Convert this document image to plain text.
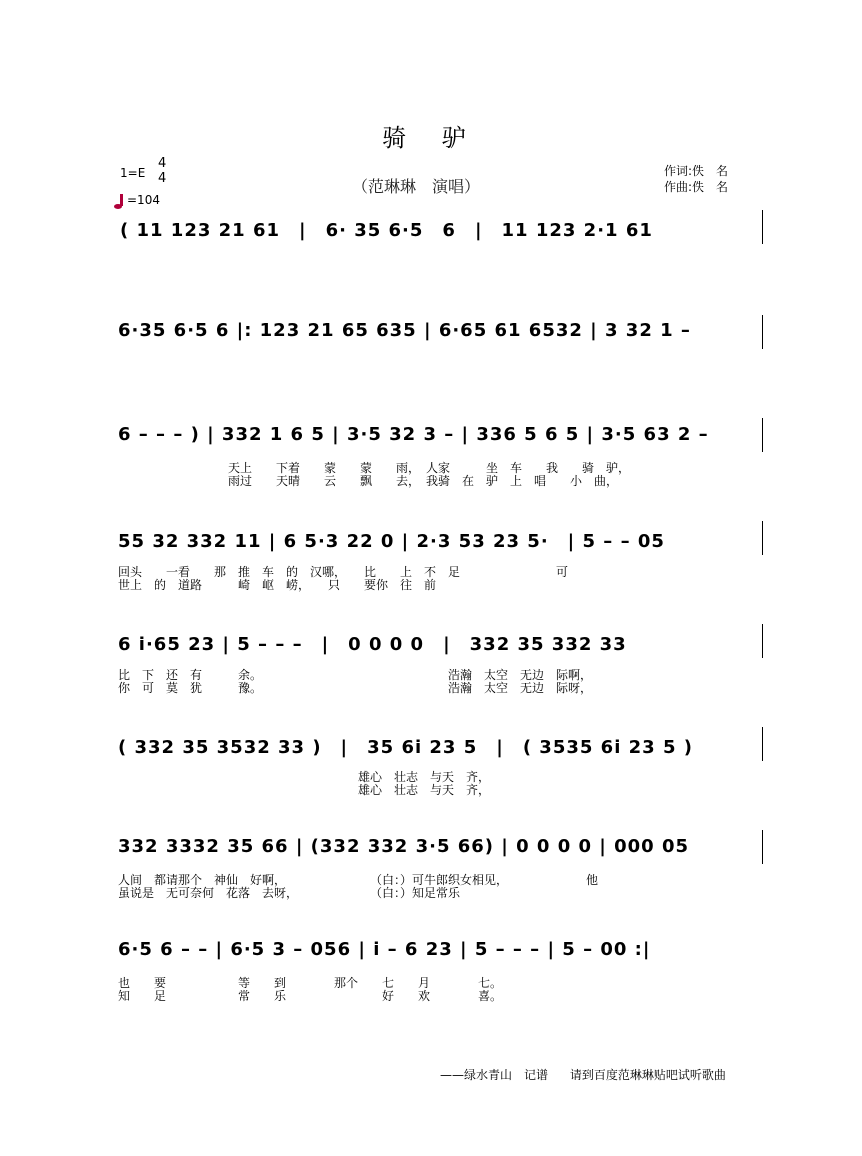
骑 驴
（范琳琳　演唱）
作词:佚　名
作曲:佚　名
1=E
4
4
=104
( 11 123 21 61　|　6· 35 6·5　6　|　11 123 2·1 61　
6·35 6·5 6 |: 123 21 65 635 | 6·65 61 6532 | 3 32 1 –
6 – – – ) | 332 1 6 5 | 3·5 32 3 – | 336 5 6 5 | 3·5 63 2 –
天上　　下着　　蒙　　蒙　　雨，　人家　　　坐　车　　我　　骑　驴，
雨过　　天晴　　云　　飘　　去，　我骑　在　驴　上　唱　　小　曲，
55 32 332 11 | 6 5·3 22 0 | 2·3 53 23 5·　| 5 – – 05
回头　　一看　　那　推　车　的　汉哪，　　比　　上　不　足　　　　　　　　可
世上　的　道路　　　崎　岖　崂，　　只　　要你　往　前
6 i·65 23 | 5 – – –　|　0 0 0 0　|　332 35 332 33
比　下　还　有　　　余。　　　　　　　　　　　　　　　　浩瀚　太空　无边　际啊，
你　可　莫　犹　　　豫。　　　　　　　　　　　　　　　　浩瀚　太空　无边　际呀，
( 332 35 3532 33 )　|　35 6i 23 5　|　( 3535 6i 23 5 )
雄心　壮志　与天　齐，
雄心　壮志　与天　齐，
332 3332 35 66 | (332 332 3·5 66) | 0 0 0 0 | 000 05
人间　都请那个　神仙　好啊，　　　　　　　　（白：）可牛郎织女相见，　　　　　　　他
虽说是　无可奈何　花落　去呀，　　　　　　　（白：）知足常乐
6·5 6 – – | 6·5 3 – 056 | i – 6 23 | 5 – – – | 5 – 00 :|
也　　要　　　　　　等　　到　　　　那个　　七　　月　　　　七。
知　　足　　　　　　常　　乐　　　　　　　　好　　欢　　　　喜。
——绿水青山　记谱 请到百度范琳琳贴吧试听歌曲
